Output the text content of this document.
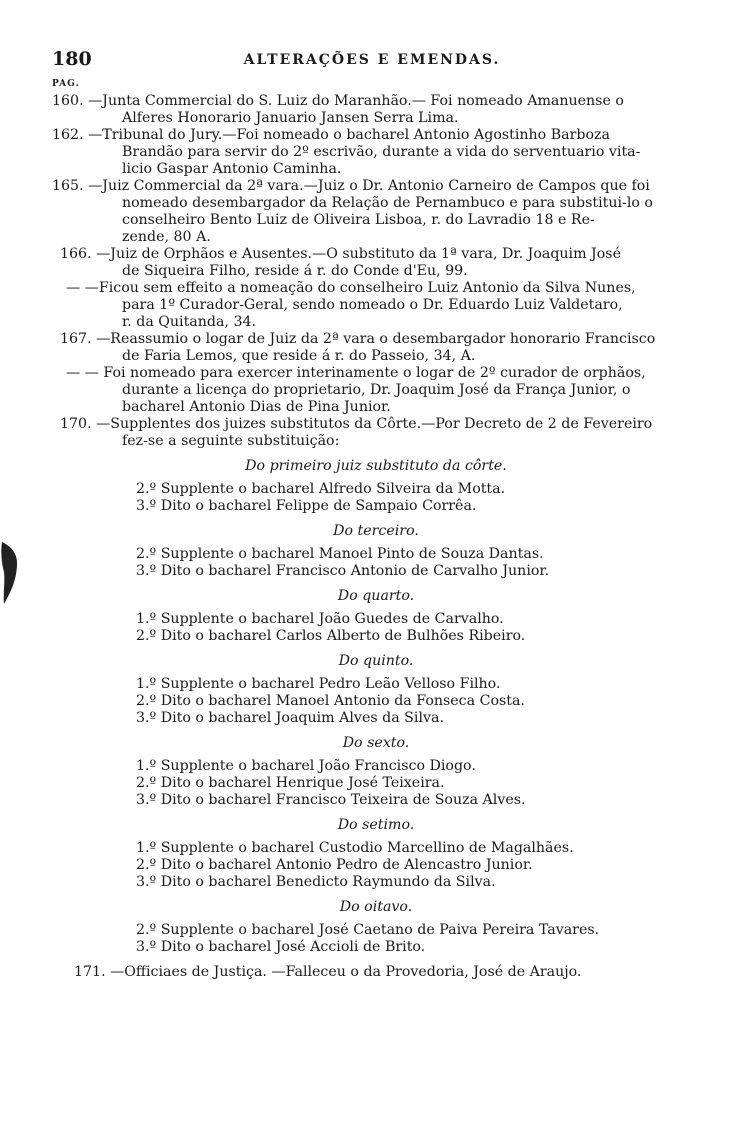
180	ALTERAÇÕES E EMENDAS.
PAG.
160. —Junta Commercial do S. Luiz do Maranhão.— Foi nomeado Amanuense o
Alferes Honorario Januario Jansen Serra Lima.
162. —Tribunal do Jury.—Foi nomeado o bacharel Antonio Agostinho Barboza
Brandão para servir do 2º escrivão, durante a vida do serventuario vita-
licio Gaspar Antonio Caminha.
165. —Juiz Commercial da 2ª vara.—Juiz o Dr. Antonio Carneiro de Campos que foi
nomeado desembargador da Relação de Pernambuco e para substitui-lo o
conselheiro Bento Luiz de Oliveira Lisboa, r. do Lavradio 18 e Re-
zende, 80 A.
166. —Juiz de Orphãos e Ausentes.—O substituto da 1ª vara, Dr. Joaquim José
de Siqueira Filho, reside á r. do Conde d'Eu, 99.
— —Ficou sem effeito a nomeação do conselheiro Luiz Antonio da Silva Nunes,
para 1º Curador-Geral, sendo nomeado o Dr. Eduardo Luiz Valdetaro,
r. da Quitanda, 34.
167. —Reassumio o logar de Juiz da 2ª vara o desembargador honorario Francisco
de Faria Lemos, que reside á r. do Passeio, 34, A.
— — Foi nomeado para exercer interinamente o logar de 2º curador de orphãos,
durante a licença do proprietario, Dr. Joaquim José da França Junior, o
bacharel Antonio Dias de Pina Junior.
170. —Supplentes dos juizes substitutos da Côrte.—Por Decreto de 2 de Fevereiro
fez-se a seguinte substituição:
Do primeiro juiz substituto da côrte.
2.º Supplente o bacharel Alfredo Silveira da Motta.
3.º Dito o bacharel Felippe de Sampaio Corrêa.
Do terceiro.
2.º Supplente o bacharel Manoel Pinto de Souza Dantas.
3.º Dito o bacharel Francisco Antonio de Carvalho Junior.
Do quarto.
1.º Supplente o bacharel João Guedes de Carvalho.
2.º Dito o bacharel Carlos Alberto de Bulhões Ribeiro.
Do quinto.
1.º Supplente o bacharel Pedro Leão Velloso Filho.
2.º Dito o bacharel Manoel Antonio da Fonseca Costa.
3.º Dito o bacharel Joaquim Alves da Silva.
Do sexto.
1.º Supplente o bacharel João Francisco Diogo.
2.º Dito o bacharel Henrique José Teixeira.
3.º Dito o bacharel Francisco Teixeira de Souza Alves.
Do setimo.
1.º Supplente o bacharel Custodio Marcellino de Magalhães.
2.º Dito o bacharel Antonio Pedro de Alencastro Junior.
3.º Dito o bacharel Benedicto Raymundo da Silva.
Do oitavo.
2.º Supplente o bacharel José Caetano de Paiva Pereira Tavares.
3.º Dito o bacharel José Accioli de Brito.
171. —Officiaes de Justiça. —Falleceu o da Provedoria, José de Araujo.
